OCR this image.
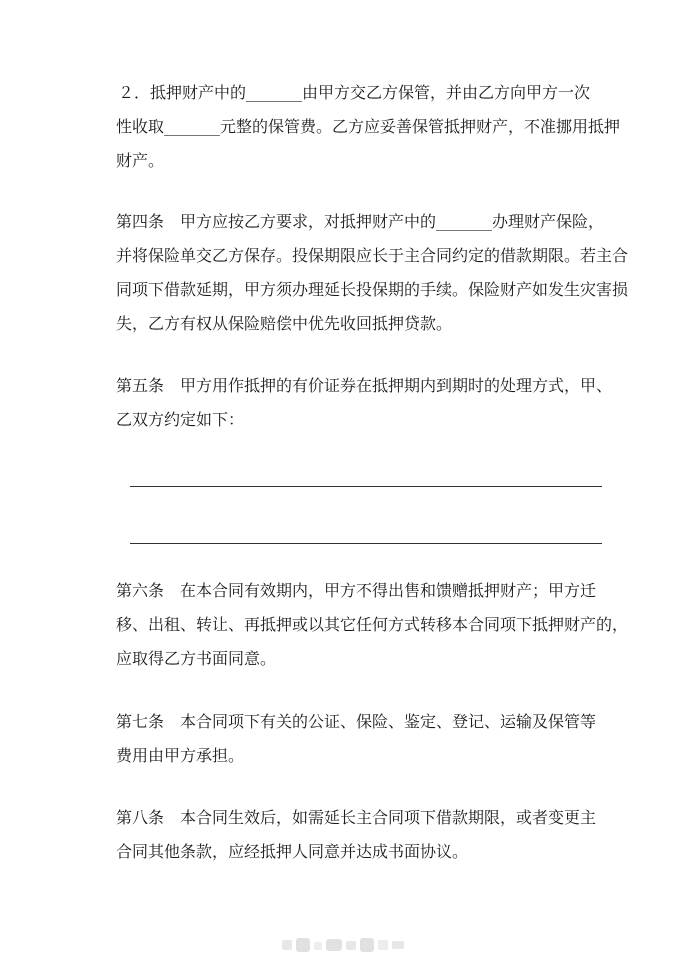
２．抵押财产中的_______由甲方交乙方保管，并由乙方向甲方一次
性收取_______元整的保管费。乙方应妥善保管抵押财产，不准挪用抵押
财产。
第四条　甲方应按乙方要求，对抵押财产中的_______办理财产保险，
并将保险单交乙方保存。投保期限应长于主合同约定的借款期限。若主合
同项下借款延期，甲方须办理延长投保期的手续。保险财产如发生灾害损
失，乙方有权从保险赔偿中优先收回抵押贷款。
第五条　甲方用作抵押的有价证券在抵押期内到期时的处理方式，甲、
乙双方约定如下：
第六条　在本合同有效期内，甲方不得出售和馈赠抵押财产；甲方迁
移、出租、转让、再抵押或以其它任何方式转移本合同项下抵押财产的，
应取得乙方书面同意。
第七条　本合同项下有关的公证、保险、鉴定、登记、运输及保管等
费用由甲方承担。
第八条　本合同生效后，如需延长主合同项下借款期限，或者变更主
合同其他条款，应经抵押人同意并达成书面协议。
